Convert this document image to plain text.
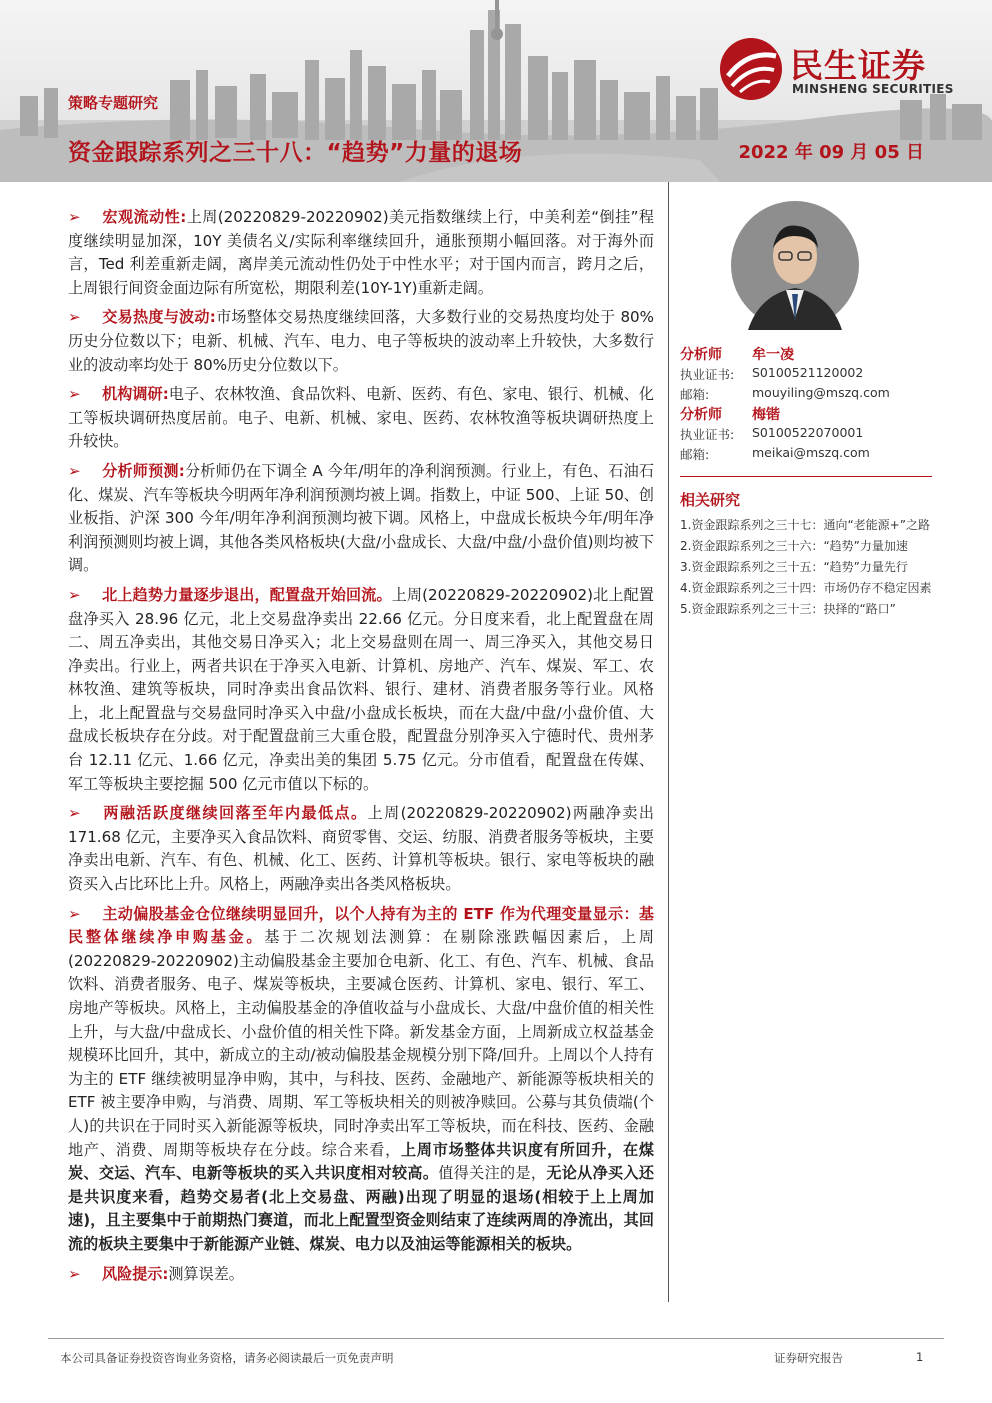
民生证券
MINSHENG SECURITIES
策略专题研究
资金跟踪系列之三十八：“趋势”力量的退场	2022 年 09 月 05 日
➢ 宏观流动性:上周(20220829-20220902)美元指数继续上行，中美利差“倒挂”程度继续明显加深，10Y 美债名义/实际利率继续回升，通胀预期小幅回落。对于海外而言，Ted 利差重新走阔，离岸美元流动性仍处于中性水平；对于国内而言，跨月之后，上周银行间资金面边际有所宽松，期限利差(10Y-1Y)重新走阔。
➢ 交易热度与波动:市场整体交易热度继续回落，大多数行业的交易热度均处于 80%历史分位数以下；电新、机械、汽车、电力、电子等板块的波动率上升较快，大多数行业的波动率均处于 80%历史分位数以下。
➢ 机构调研:电子、农林牧渔、食品饮料、电新、医药、有色、家电、银行、机械、化工等板块调研热度居前。电子、电新、机械、家电、医药、农林牧渔等板块调研热度上升较快。
➢ 分析师预测:分析师仍在下调全 A 今年/明年的净利润预测。行业上，有色、石油石化、煤炭、汽车等板块今明两年净利润预测均被上调。指数上，中证 500、上证 50、创业板指、沪深 300 今年/明年净利润预测均被下调。风格上，中盘成长板块今年/明年净利润预测则均被上调，其他各类风格板块(大盘/小盘成长、大盘/中盘/小盘价值)则均被下调。
➢ 北上趋势力量逐步退出，配置盘开始回流。上周(20220829-20220902)北上配置盘净买入 28.96 亿元，北上交易盘净卖出 22.66 亿元。分日度来看，北上配置盘在周二、周五净卖出，其他交易日净买入；北上交易盘则在周一、周三净买入，其他交易日净卖出。行业上，两者共识在于净买入电新、计算机、房地产、汽车、煤炭、军工、农林牧渔、建筑等板块，同时净卖出食品饮料、银行、建材、消费者服务等行业。风格上，北上配置盘与交易盘同时净买入中盘/小盘成长板块，而在大盘/中盘/小盘价值、大盘成长板块存在分歧。对于配置盘前三大重仓股，配置盘分别净买入宁德时代、贵州茅台 12.11 亿元、1.66 亿元，净卖出美的集团 5.75 亿元。分市值看，配置盘在传媒、军工等板块主要挖掘 500 亿元市值以下标的。
➢ 两融活跃度继续回落至年内最低点。上周(20220829-20220902)两融净卖出 171.68 亿元，主要净买入食品饮料、商贸零售、交运、纺服、消费者服务等板块，主要净卖出电新、汽车、有色、机械、化工、医药、计算机等板块。银行、家电等板块的融资买入占比环比上升。风格上，两融净卖出各类风格板块。
➢ 主动偏股基金仓位继续明显回升，以个人持有为主的 ETF 作为代理变量显示：基民整体继续净申购基金。基于二次规划法测算：在剔除涨跌幅因素后，上周(20220829-20220902)主动偏股基金主要加仓电新、化工、有色、汽车、机械、食品饮料、消费者服务、电子、煤炭等板块，主要减仓医药、计算机、家电、银行、军工、房地产等板块。风格上，主动偏股基金的净值收益与小盘成长、大盘/中盘价值的相关性上升，与大盘/中盘成长、小盘价值的相关性下降。新发基金方面，上周新成立权益基金规模环比回升，其中，新成立的主动/被动偏股基金规模分别下降/回升。上周以个人持有为主的 ETF 继续被明显净申购，其中，与科技、医药、金融地产、新能源等板块相关的 ETF 被主要净申购，与消费、周期、军工等板块相关的则被净赎回。公募与其负债端(个人)的共识在于同时买入新能源等板块，同时净卖出军工等板块，而在科技、医药、金融地产、消费、周期等板块存在分歧。综合来看，上周市场整体共识度有所回升，在煤炭、交运、汽车、电新等板块的买入共识度相对较高。值得关注的是，无论从净买入还是共识度来看，趋势交易者(北上交易盘、两融)出现了明显的退场(相较于上上周加速)，且主要集中于前期热门赛道，而北上配置型资金则结束了连续两周的净流出，其回流的板块主要集中于新能源产业链、煤炭、电力以及油运等能源相关的板块。
➢ 风险提示:测算误差。
分析师 牟一凌
执业证书: S0100521120002
邮箱:	mouyiling@mszq.com
分析师 梅锴
执业证书: S0100522070001
邮箱:	meikai@mszq.com
相关研究
1.资金跟踪系列之三十七：通向“老能源+”之路
2.资金跟踪系列之三十六：“趋势”力量加速
3.资金跟踪系列之三十五：“趋势”力量先行
4.资金跟踪系列之三十四：市场仍存不稳定因素
5.资金跟踪系列之三十三：抉择的“路口”
本公司具备证券投资咨询业务资格，请务必阅读最后一页免责声明	证券研究报告	1
